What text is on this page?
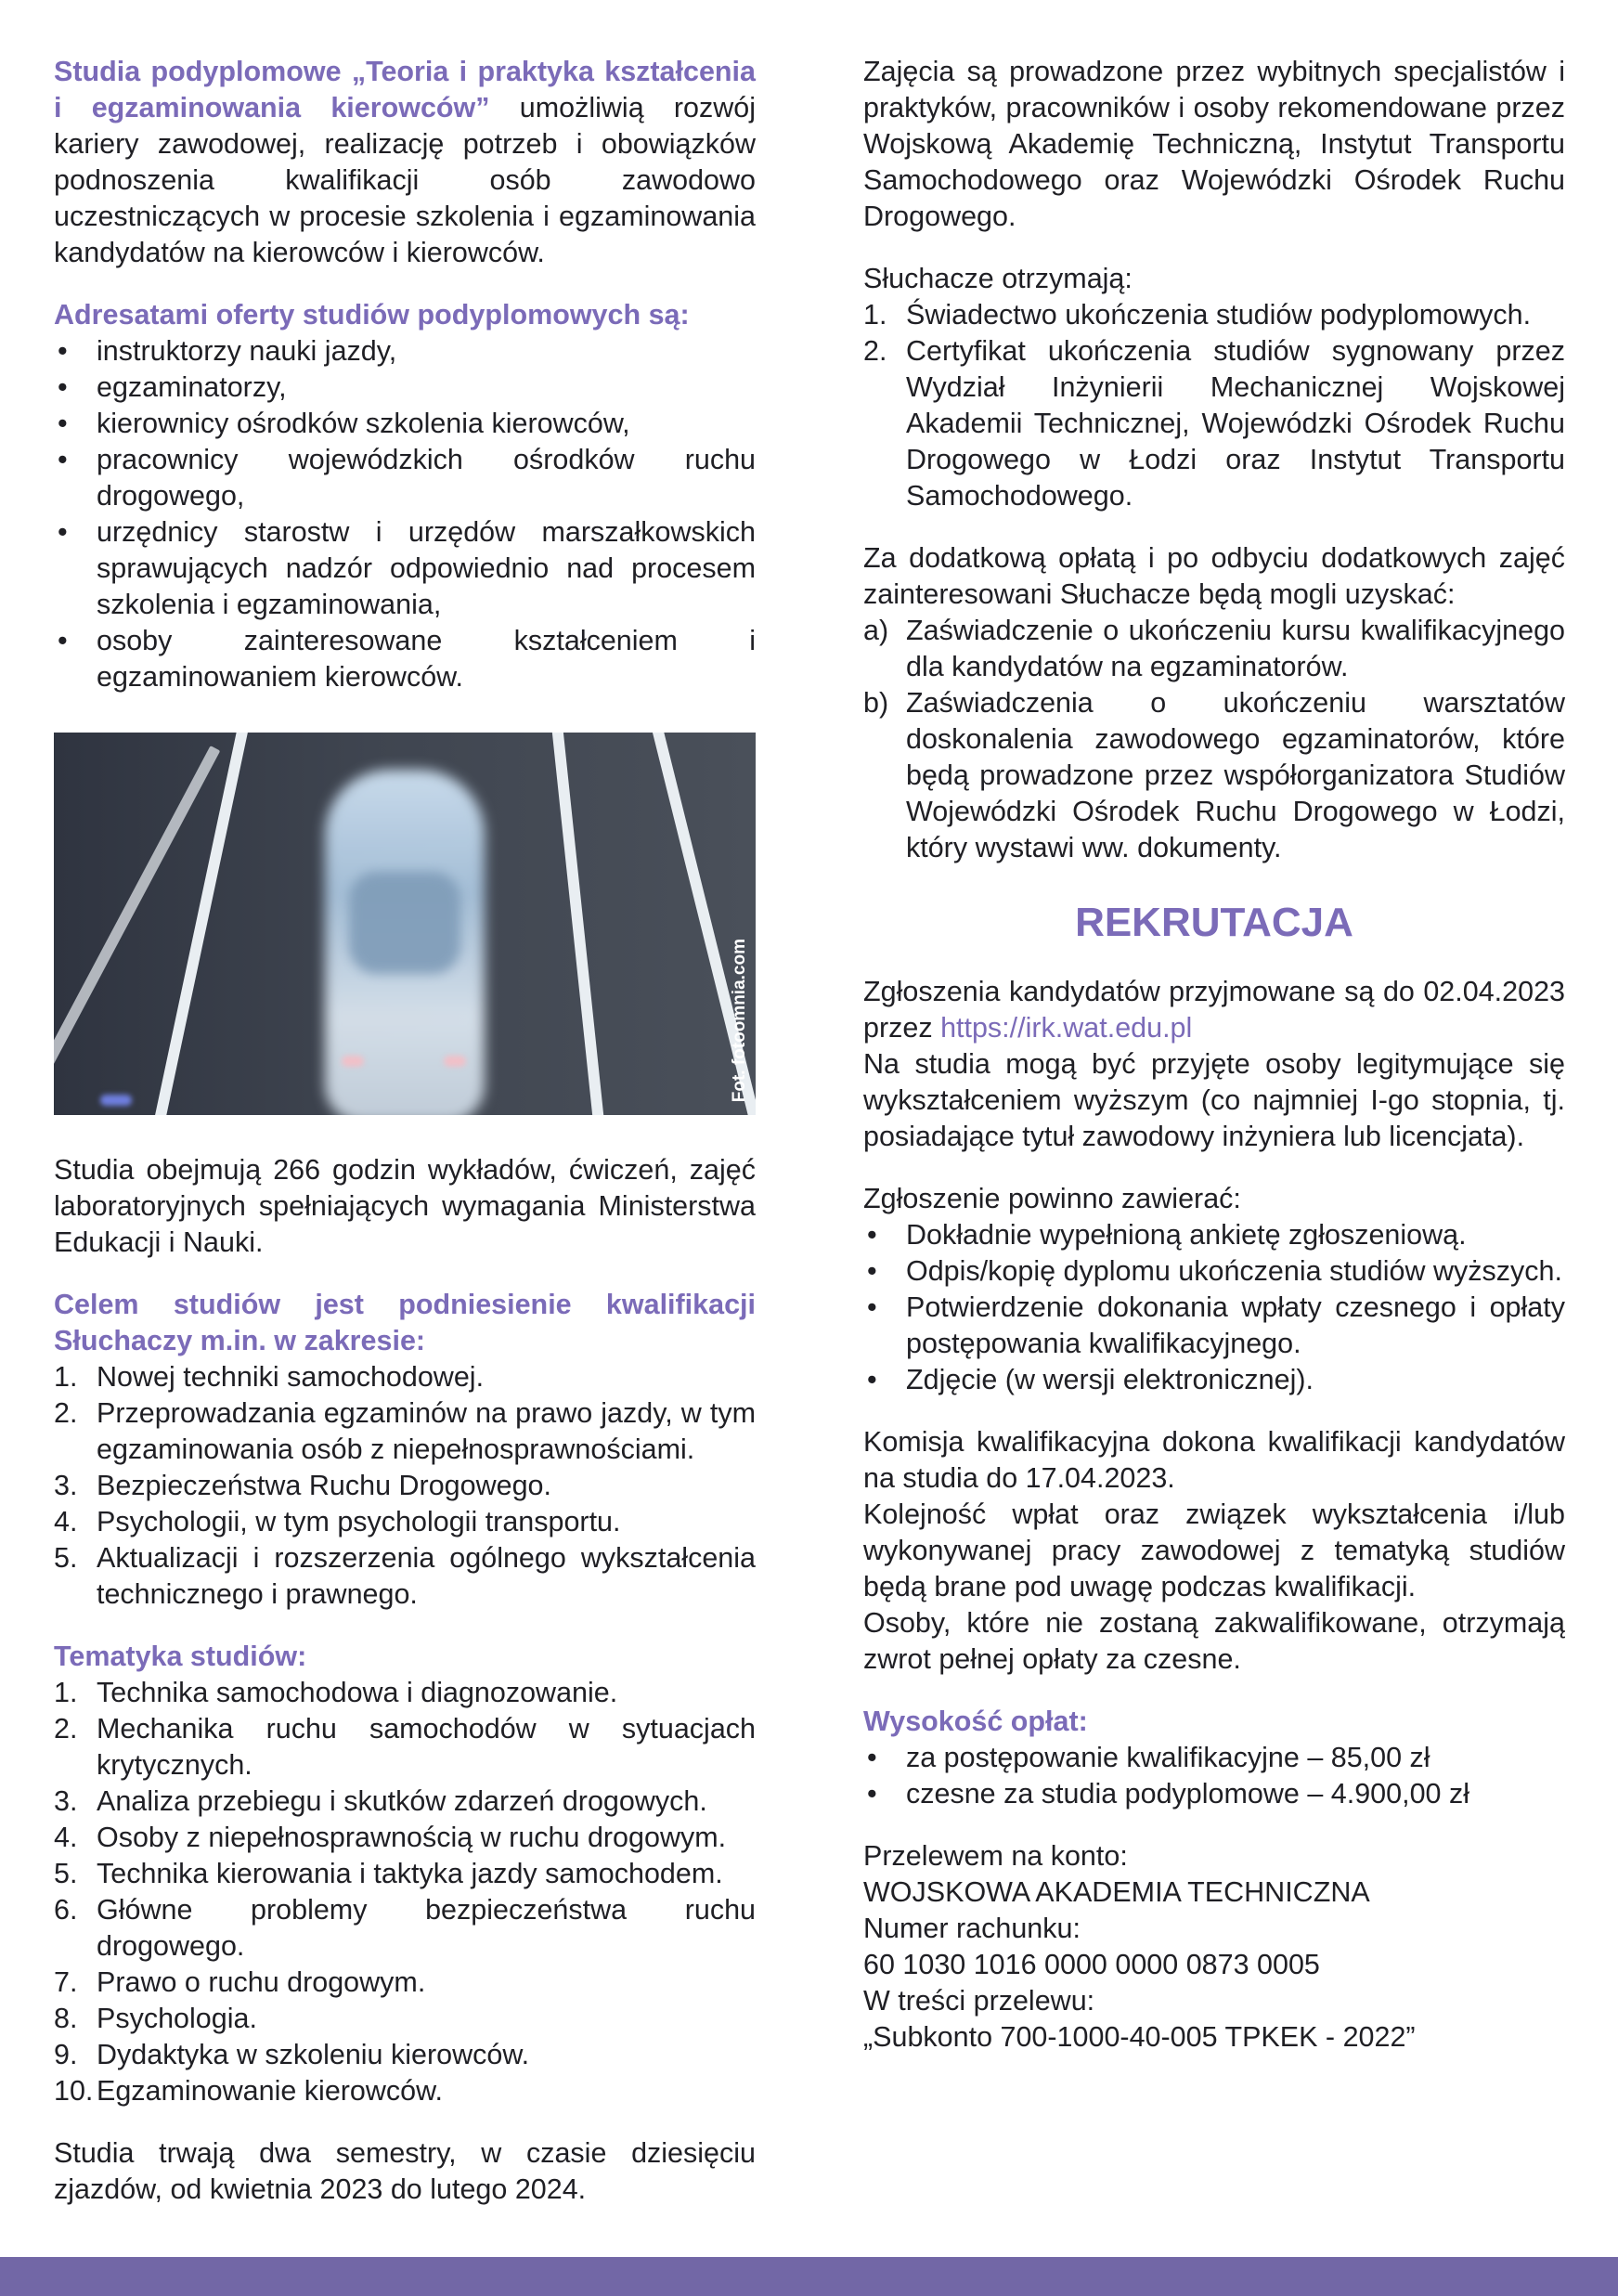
Studia podyplomowe „Teoria i praktyka kształcenia i egzaminowania kierowców” umożliwią rozwój kariery zawodowej, realizację potrzeb i obowiązków podnoszenia kwalifikacji osób zawodowo uczestniczących w procesie szkolenia i egzaminowania kandydatów na kierowców i kierowców.

Adresatami oferty studiów podyplomowych są:

• instruktorzy nauki jazdy,
• egzaminatorzy,
• kierownicy ośrodków szkolenia kierowców,
• pracownicy wojewódzkich ośrodków ruchu drogowego,
• urzędnicy starostw i urzędów marszałkowskich sprawujących nadzór odpowiednio nad procesem szkolenia i egzaminowania,
• osoby zainteresowane kształceniem i egzaminowaniem kierowców.
Fot. fotoomnia.com

Studia obejmują 266 godzin wykładów, ćwiczeń, zajęć laboratoryjnych spełniających wymagania Ministerstwa Edukacji i Nauki.

Celem studiów jest podniesienie kwalifikacji Słuchaczy m.in. w zakresie:

1. Nowej techniki samochodowej.
2. Przeprowadzania egzaminów na prawo jazdy, w tym egzaminowania osób z niepełnosprawnościami.
3. Bezpieczeństwa Ruchu Drogowego.
4. Psychologii, w tym psychologii transportu.
5. Aktualizacji i rozszerzenia ogólnego wykształcenia technicznego i prawnego.

Tematyka studiów:

1. Technika samochodowa i diagnozowanie.
2. Mechanika ruchu samochodów w sytuacjach krytycznych.
3. Analiza przebiegu i skutków zdarzeń drogowych.
4. Osoby z niepełnosprawnością w ruchu drogowym.
5. Technika kierowania i taktyka jazdy samochodem.
6. Główne problemy bezpieczeństwa ruchu drogowego.
7. Prawo o ruchu drogowym.
8. Psychologia.
9. Dydaktyka w szkoleniu kierowców.
10. Egzaminowanie kierowców.

Studia trwają dwa semestry, w czasie dziesięciu zjazdów, od kwietnia 2023 do lutego 2024.

Zajęcia są prowadzone przez wybitnych specjalistów i praktyków, pracowników i osoby rekomendowane przez Wojskową Akademię Techniczną, Instytut Transportu Samochodowego oraz Wojewódzki Ośrodek Ruchu Drogowego.

Słuchacze otrzymają:

1. Świadectwo ukończenia studiów podyplomowych.
2. Certyfikat ukończenia studiów sygnowany przez Wydział Inżynierii Mechanicznej Wojskowej Akademii Technicznej, Wojewódzki Ośrodek Ruchu Drogowego w Łodzi oraz Instytut Transportu Samochodowego.

Za dodatkową opłatą i po odbyciu dodatkowych zajęć zainteresowani Słuchacze będą mogli uzyskać:

a) Zaświadczenie o ukończeniu kursu kwalifikacyjnego dla kandydatów na egzaminatorów.
b) Zaświadczenia o ukończeniu warsztatów doskonalenia zawodowego egzaminatorów, które będą prowadzone przez współorganizatora Studiów Wojewódzki Ośrodek Ruchu Drogowego w Łodzi, który wystawi ww. dokumenty.

REKRUTACJA

Zgłoszenia kandydatów przyjmowane są do 02.04.2023 przez https://irk.wat.edu.pl

Na studia mogą być przyjęte osoby legitymujące się wykształceniem wyższym (co najmniej I-go stopnia, tj. posiadające tytuł zawodowy inżyniera lub licencjata).

Zgłoszenie powinno zawierać:

• Dokładnie wypełnioną ankietę zgłoszeniową.
• Odpis/kopię dyplomu ukończenia studiów wyższych.
• Potwierdzenie dokonania wpłaty czesnego i opłaty postępowania kwalifikacyjnego.
• Zdjęcie (w wersji elektronicznej).

Komisja kwalifikacyjna dokona kwalifikacji kandydatów na studia do 17.04.2023.

Kolejność wpłat oraz związek wykształcenia i/lub wykonywanej pracy zawodowej z tematyką studiów będą brane pod uwagę podczas kwalifikacji.

Osoby, które nie zostaną zakwalifikowane, otrzymają zwrot pełnej opłaty za czesne.

Wysokość opłat:

• za postępowanie kwalifikacyjne – 85,00 zł
• czesne za studia podyplomowe – 4.900,00 zł
Przelewem na konto:
WOJSKOWA AKADEMIA TECHNICZNA
Numer rachunku:
60 1030 1016 0000 0000 0873 0005
W treści przelewu:
„Subkonto 700-1000-40-005 TPKEK - 2022”
